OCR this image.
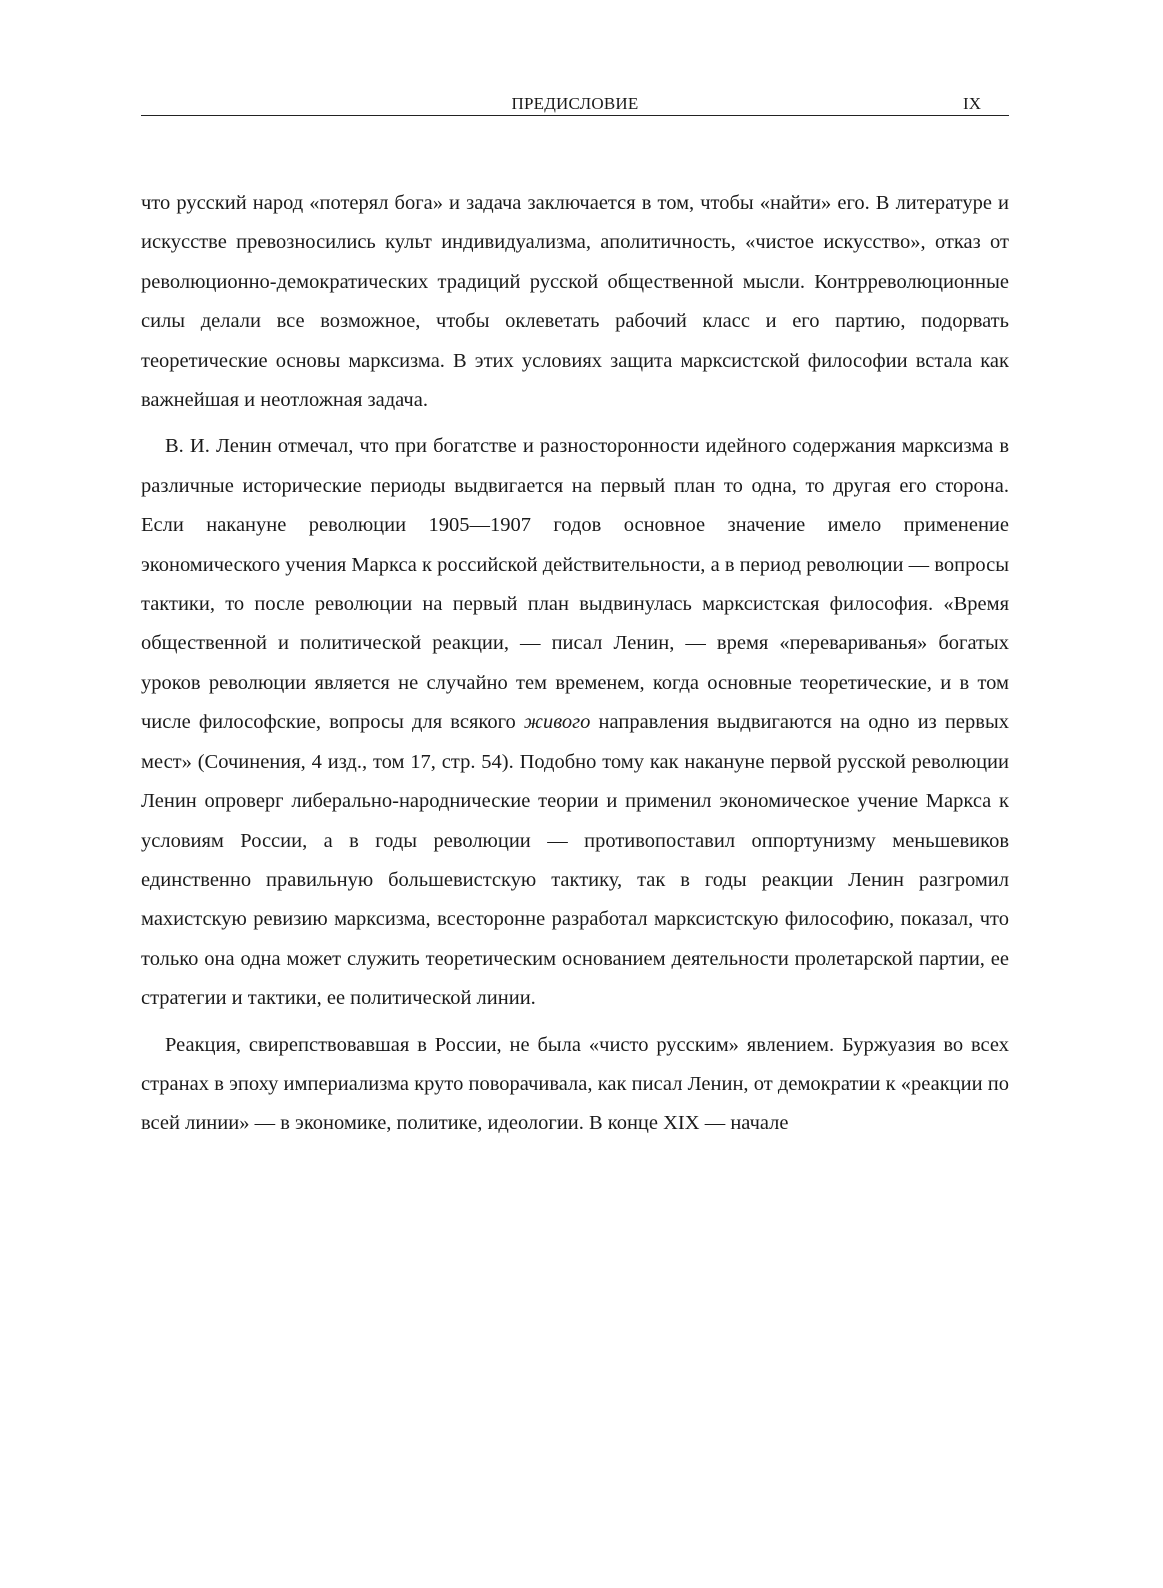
ПРЕДИСЛОВИЕ	IX

что русский народ «потерял бога» и задача заключается в том, чтобы «найти» его. В литературе и искусстве превозносились культ индивидуализма, аполитичность, «чистое искусство», отказ от революционно-демократических традиций русской общественной мысли. Контрреволюционные силы делали все возможное, чтобы оклеветать рабочий класс и его партию, подорвать теоретические основы марксизма. В этих условиях защита марксистской философии встала как важнейшая и неотложная задача.

В. И. Ленин отмечал, что при богатстве и разносторонности идейного содержания марксизма в различные исторические периоды выдвигается на первый план то одна, то другая его сторона. Если накануне революции 1905—1907 годов основное значение имело применение экономического учения Маркса к российской действительности, а в период революции — вопросы тактики, то после революции на первый план выдвинулась марксистская философия. «Время общественной и политической реакции, — писал Ленин, — время «перевариванья» богатых уроков революции является не случайно тем временем, когда основные теоретические, и в том числе философские, вопросы для всякого живого направления выдвигаются на одно из первых мест» (Сочинения, 4 изд., том 17, стр. 54). Подобно тому как накануне первой русской революции Ленин опроверг либерально-народнические теории и применил экономическое учение Маркса к условиям России, а в годы революции — противопоставил оппортунизму меньшевиков единственно правильную большевистскую тактику, так в годы реакции Ленин разгромил махистскую ревизию марксизма, всесторонне разработал марксистскую философию, показал, что только она одна может служить теоретическим основанием деятельности пролетарской партии, ее стратегии и тактики, ее политической линии.

Реакция, свирепствовавшая в России, не была «чисто русским» явлением. Буржуазия во всех странах в эпоху империализма круто поворачивала, как писал Ленин, от демократии к «реакции по всей линии» — в экономике, политике, идеологии. В конце XIX — начале
